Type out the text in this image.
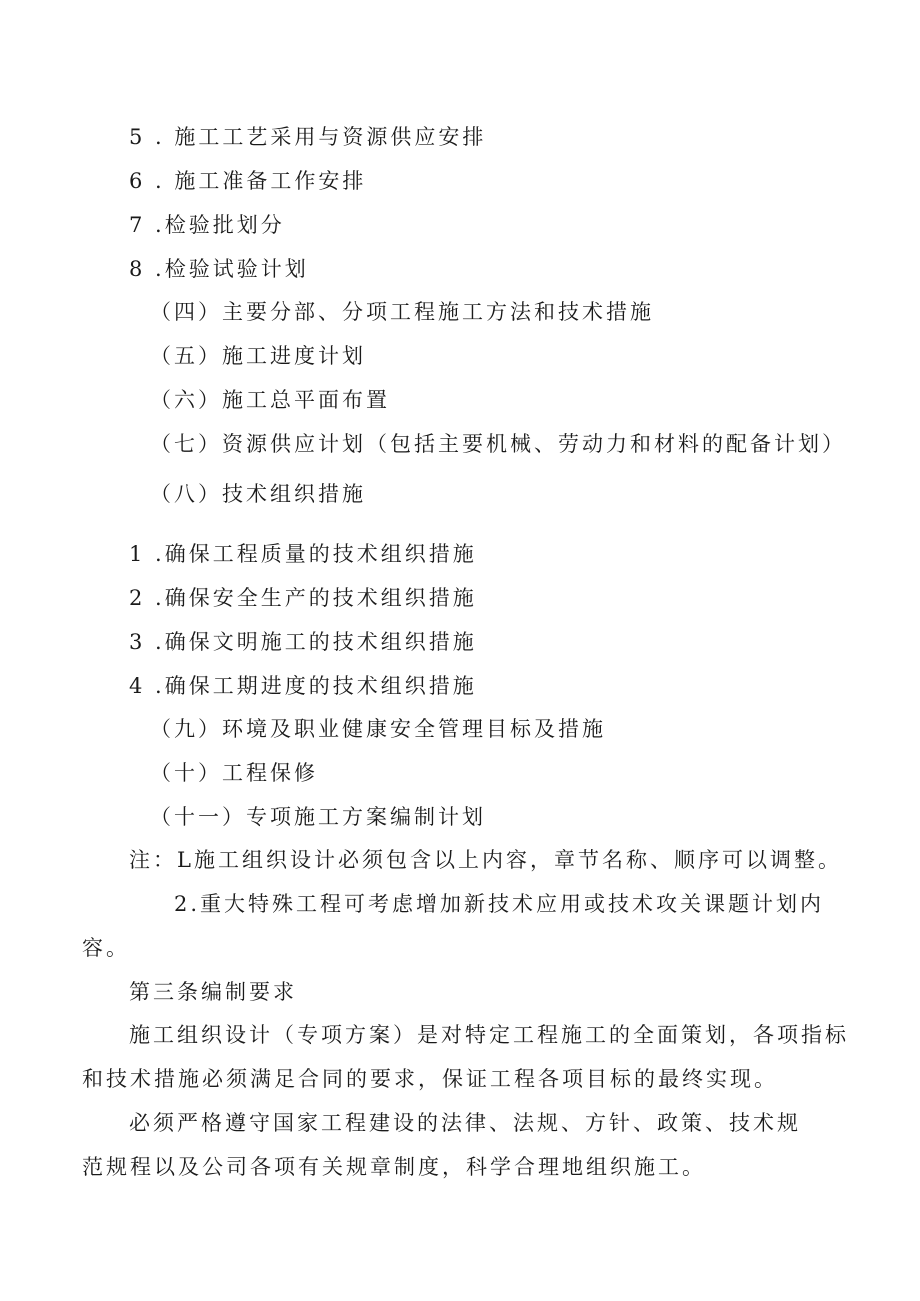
5 . 施工工艺采用与资源供应安排
6 . 施工准备工作安排
7 .检验批划分
8 .检验试验计划
（四）主要分部、分项工程施工方法和技术措施
（五）施工进度计划
（六）施工总平面布置
（七）资源供应计划（包括主要机械、劳动力和材料的配备计划）
（八）技术组织措施
1 .确保工程质量的技术组织措施
2 .确保安全生产的技术组织措施
3 .确保文明施工的技术组织措施
4 .确保工期进度的技术组织措施
（九）环境及职业健康安全管理目标及措施
（十）工程保修
（十一）专项施工方案编制计划
注：L施工组织设计必须包含以上内容，章节名称、顺序可以调整。
2.重大特殊工程可考虑增加新技术应用或技术攻关课题计划内
容。
第三条编制要求
施工组织设计（专项方案）是对特定工程施工的全面策划，各项指标
和技术措施必须满足合同的要求，保证工程各项目标的最终实现。
必须严格遵守国家工程建设的法律、法规、方针、政策、技术规
范规程以及公司各项有关规章制度，科学合理地组织施工。
